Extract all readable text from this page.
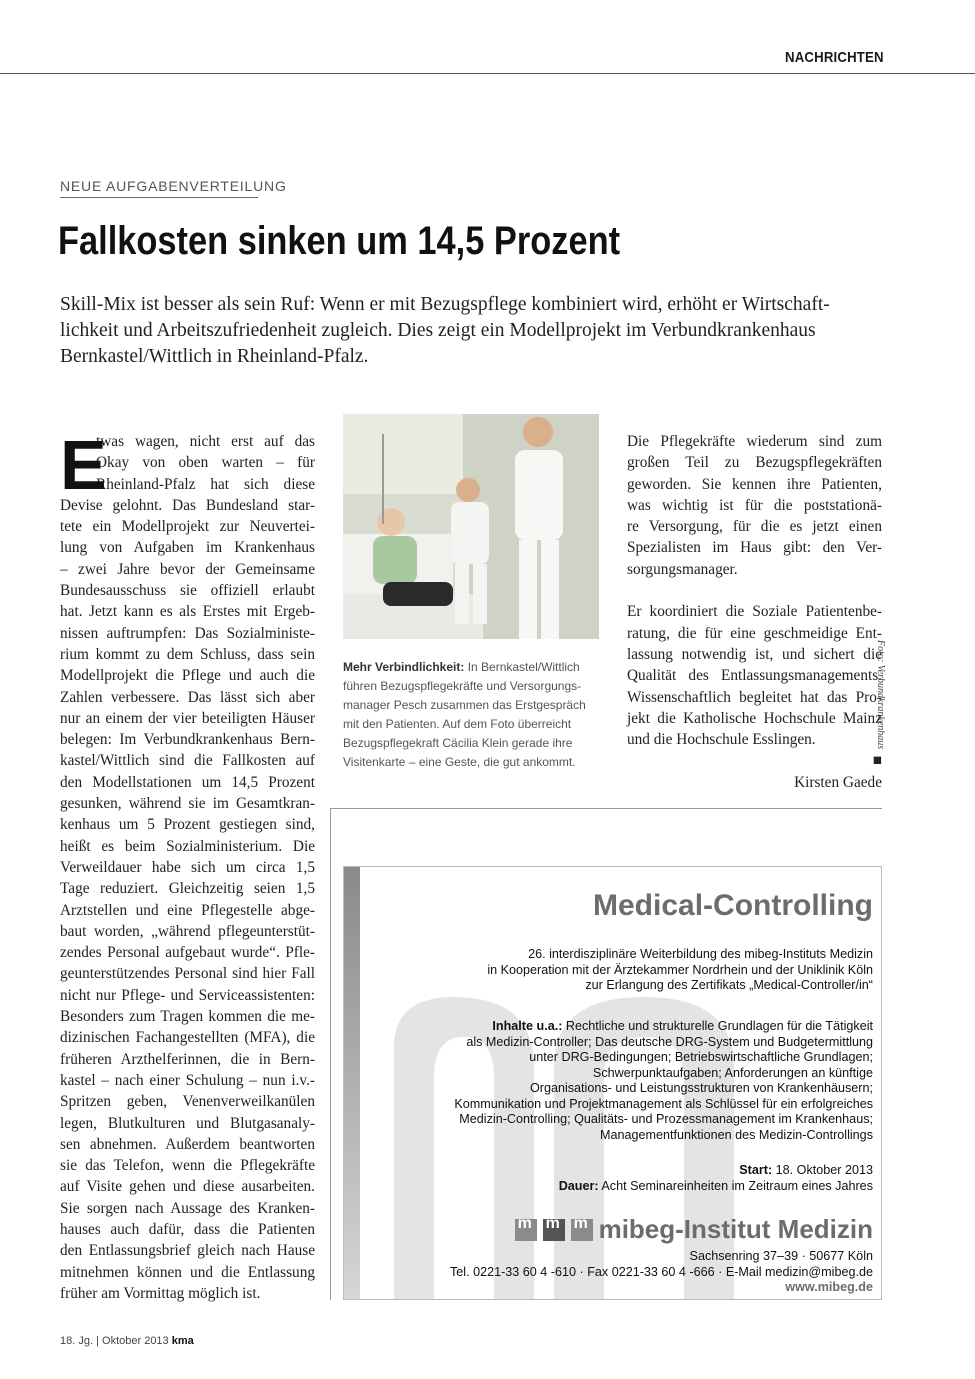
NACHRICHTEN
NEUE AUFGABENVERTEILUNG
Fallkosten sinken um 14,5 Prozent
Skill-Mix ist besser als sein Ruf: Wenn er mit Bezugspflege kombiniert wird, erhöht er Wirtschaft-
lichkeit und Arbeitszufriedenheit zugleich. Dies zeigt ein Modellprojekt im Verbundkrankenhaus
Bernkastel/Wittlich in Rheinland-Pfalz.
E
twas wagen, nicht erst auf das
Okay von oben warten – für
Rheinland-Pfalz hat sich diese
Devise gelohnt. Das Bundesland star-
tete ein Modellprojekt zur Neuvertei-
lung von Aufgaben im Krankenhaus
– zwei Jahre bevor der Gemeinsame
Bundesausschuss sie offiziell erlaubt
hat. Jetzt kann es als Erstes mit Ergeb-
nissen auftrumpfen: Das Sozialministe-
rium kommt zu dem Schluss, dass sein
Modellprojekt die Pflege und auch die
Zahlen verbessere. Das lässt sich aber
nur an einem der vier beteiligten Häuser
belegen: Im Verbundkrankenhaus Bern-
kastel/Wittlich sind die Fallkosten auf
den Modellstationen um 14,5 Prozent
gesunken, während sie im Gesamtkran-
kenhaus um 5 Prozent gestiegen sind,
heißt es beim Sozialministerium. Die
Verweildauer habe sich um circa 1,5
Tage reduziert. Gleichzeitig seien 1,5
Arztstellen und eine Pflegestelle abge-
baut worden, „während pflegeunterstüt-
zendes Personal aufgebaut wurde“. Pfle-
geunterstützendes Personal sind hier Fall
nicht nur Pflege- und Serviceassistenten:
Besonders zum Tragen kommen die me-
dizinischen Fachangestellten (MFA), die
früheren Arzthelferinnen, die in Bern-
kastel – nach einer Schulung – nun i.v.-
Spritzen geben, Venenverweilkanülen
legen, Blutkulturen und Blutgasanaly-
sen abnehmen. Außerdem beantworten
sie das Telefon, wenn die Pflegekräfte
auf Visite gehen und diese ausarbeiten.
Sie sorgen nach Aussage des Kranken-
hauses auch dafür, dass die Patienten
den Entlassungsbrief gleich nach Hause
mitnehmen können und die Entlassung
früher am Vormittag möglich ist.
Mehr Verbindlichkeit: In Bernkastel/Wittlich
führen Bezugspflegekräfte und Versorgungs-
manager Pesch zusammen das Erstgespräch
mit den Patienten. Auf dem Foto überreicht
Bezugspflegekraft Cäcilia Klein gerade ihre
Visitenkarte – eine Geste, die gut ankommt.
Die Pflegekräfte wiederum sind zum
großen Teil zu Bezugspflegekräften
geworden. Sie kennen ihre Patienten,
was wichtig ist für die poststationä-
re Versorgung, für die es jetzt einen
Spezialisten im Haus gibt: den Ver-
sorgungsmanager.
Er koordiniert die Soziale Patientenbe-
ratung, die für eine geschmeidige Ent-
lassung notwendig ist, und sichert die
Qualität des Entlassungsmanagements.
Wissenschaftlich begleitet hat das Pro-
jekt die Katholische Hochschule Mainz
und die Hochschule Esslingen.
■
Kirsten Gaede
Foto: Verbundkrankenhaus
Medical-Controlling
26. interdisziplinäre Weiterbildung des mibeg-Instituts Medizin
in Kooperation mit der Ärztekammer Nordrhein und der Uniklinik Köln
zur Erlangung des Zertifikats „Medical-Controller/in“
Inhalte u.a.: Rechtliche und strukturelle Grundlagen für die Tätigkeit
als Medizin-Controller; Das deutsche DRG-System und Budgetermittlung
unter DRG-Bedingungen; Betriebswirtschaftliche Grundlagen;
Schwerpunktaufgaben; Anforderungen an künftige
Organisations- und Leistungsstrukturen von Krankenhäusern;
Kommunikation und Projektmanagement als Schlüssel für ein erfolgreiches
Medizin-Controlling; Qualitäts- und Prozessmanagement im Krankenhaus;
Managementfunktionen des Medizin-Controllings
Start: 18. Oktober 2013
Dauer: Acht Seminareinheiten im Zeitraum eines Jahres
m
m
m
mibeg-Institut Medizin
Sachsenring 37–39 · 50677 Köln
Tel. 0221-33 60 4 -610 · Fax 0221-33 60 4 -666 · E-Mail medizin@mibeg.de
www.mibeg.de
18. Jg. | Oktober 2013 kma
